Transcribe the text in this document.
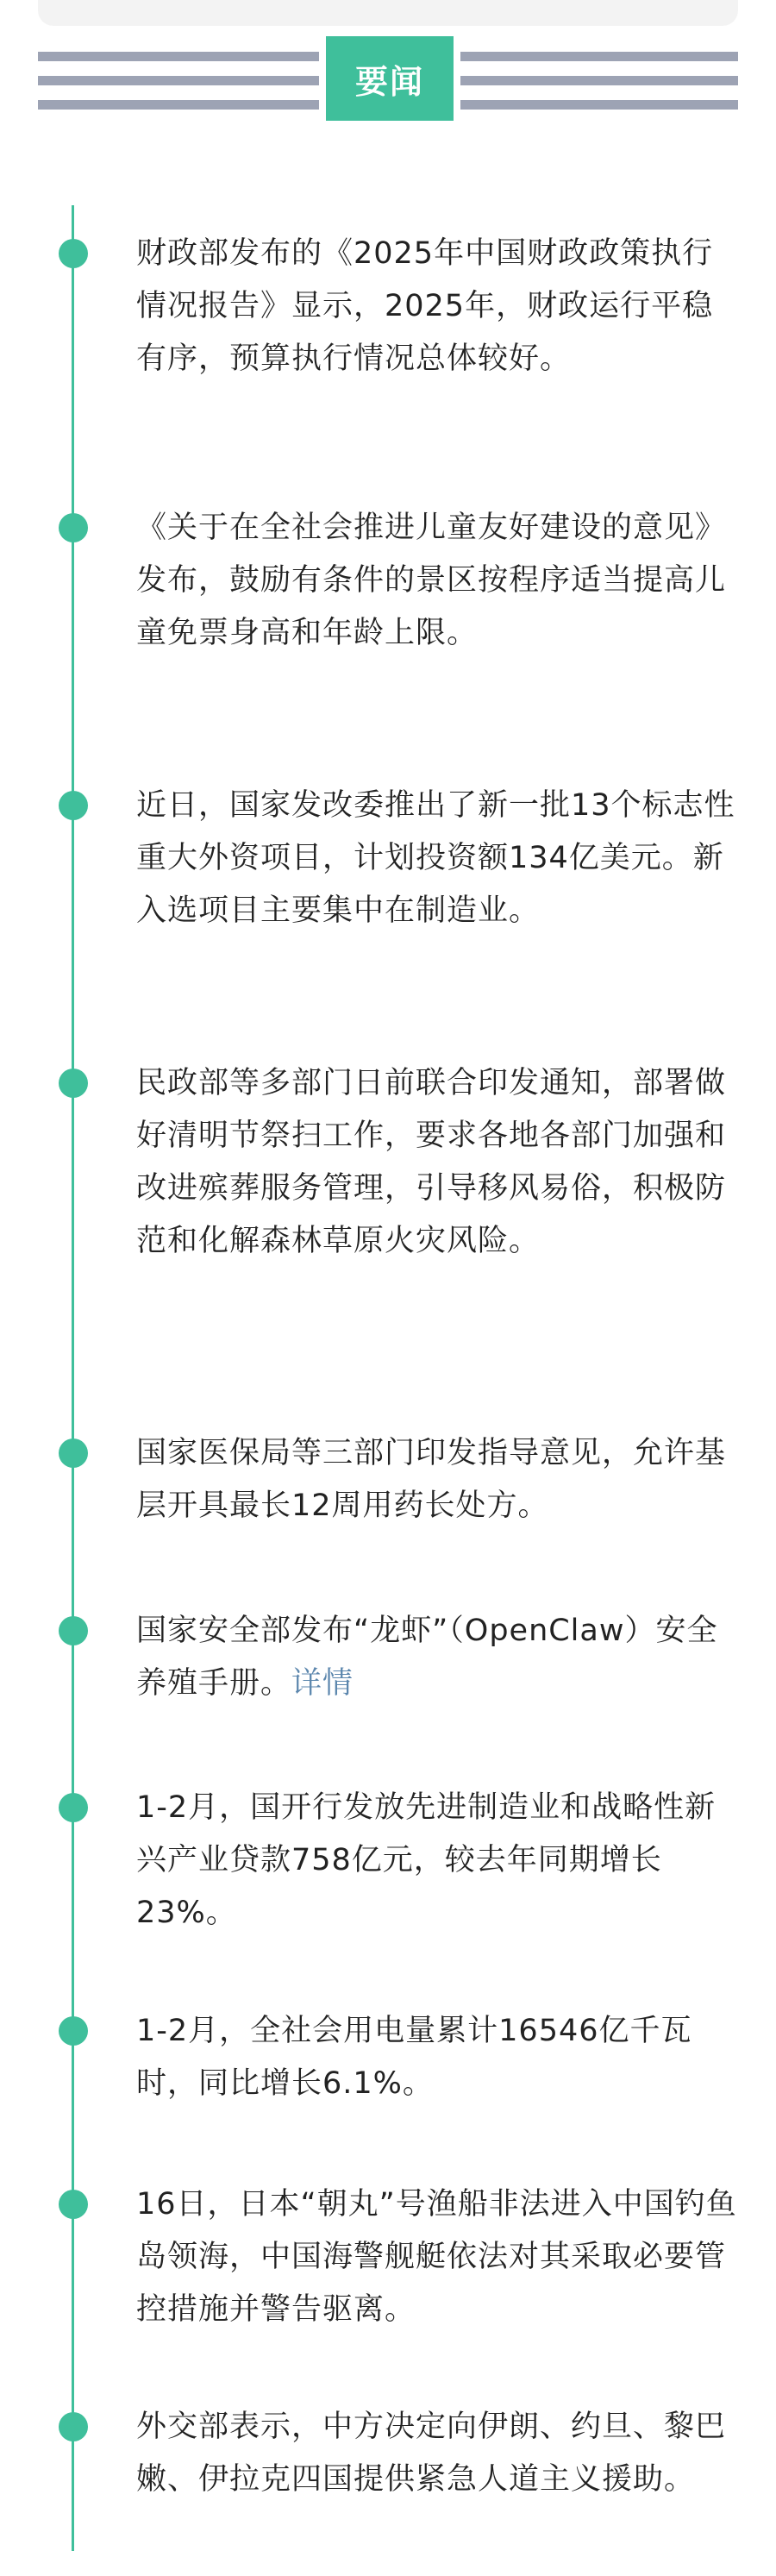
要闻

财政部发布的《2025年中国财政政策执行情况报告》显示，2025年，财政运行平稳有序，预算执行情况总体较好。

《关于在全社会推进儿童友好建设的意见》发布，鼓励有条件的景区按程序适当提高儿童免票身高和年龄上限。

近日，国家发改委推出了新一批13个标志性重大外资项目，计划投资额134亿美元。新入选项目主要集中在制造业。

民政部等多部门日前联合印发通知，部署做好清明节祭扫工作，要求各地各部门加强和改进殡葬服务管理，引导移风易俗，积极防范和化解森林草原火灾风险。

国家医保局等三部门印发指导意见，允许基层开具最长12周用药长处方。

国家安全部发布“龙虾”（OpenClaw）安全养殖手册。详情

1-2月，国开行发放先进制造业和战略性新兴产业贷款758亿元，较去年同期增长23%。

1-2月，全社会用电量累计16546亿千瓦时，同比增长6.1%。

16日，日本“朝丸”号渔船非法进入中国钓鱼岛领海，中国海警舰艇依法对其采取必要管控措施并警告驱离。

外交部表示，中方决定向伊朗、约旦、黎巴嫩、伊拉克四国提供紧急人道主义援助。
